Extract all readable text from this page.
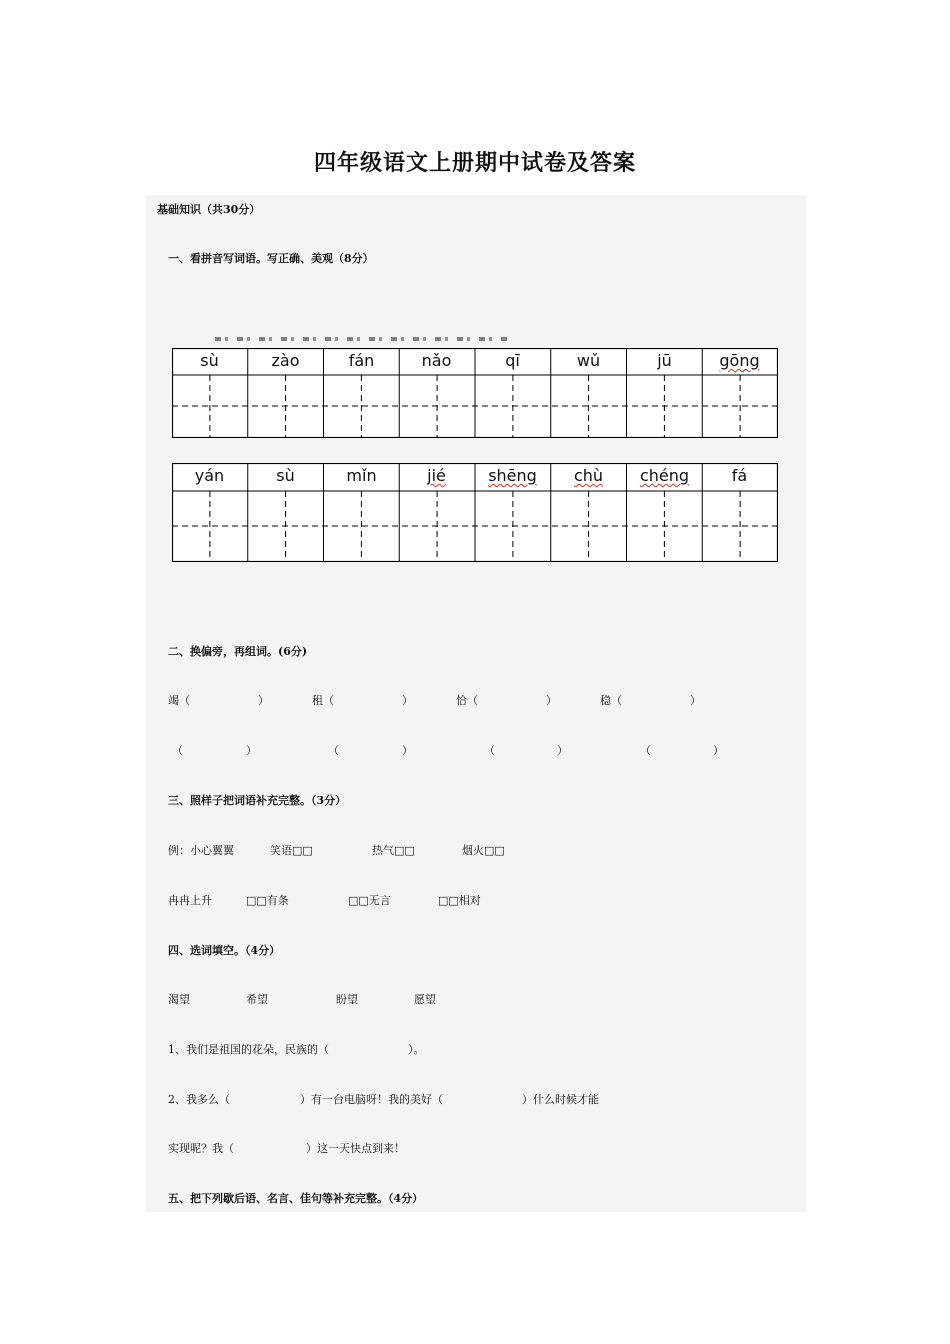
四年级语文上册期中试卷及答案
基础知识（共30分）
一、看拼音写词语。写正确、美观（8分）
sù	zào	fán	nǎo	qī	wǔ	jū	gōng
yán	sù	mǐn	jié	shēng	chù	chéng	fá
二、换偏旁，再组词。(6分)
竭（	）	租（	）	恰（	）	稳（	）
（	）	（	）	（	）	（	）
三、照样子把词语补充完整。（3分）
例：小心翼翼	笑语□□	热气□□	烟火□□
冉冉上升	□□有条	□□无言	□□相对
四、选词填空。（4分）
渴望	希望	盼望	愿望
1、我们是祖国的花朵，民族的（	）。
2、我多么（	）有一台电脑呀！我的美好（	）什么时候才能
实现呢？我（	）这一天快点到来！
五、把下列歇后语、名言、佳句等补充完整。（4分）
